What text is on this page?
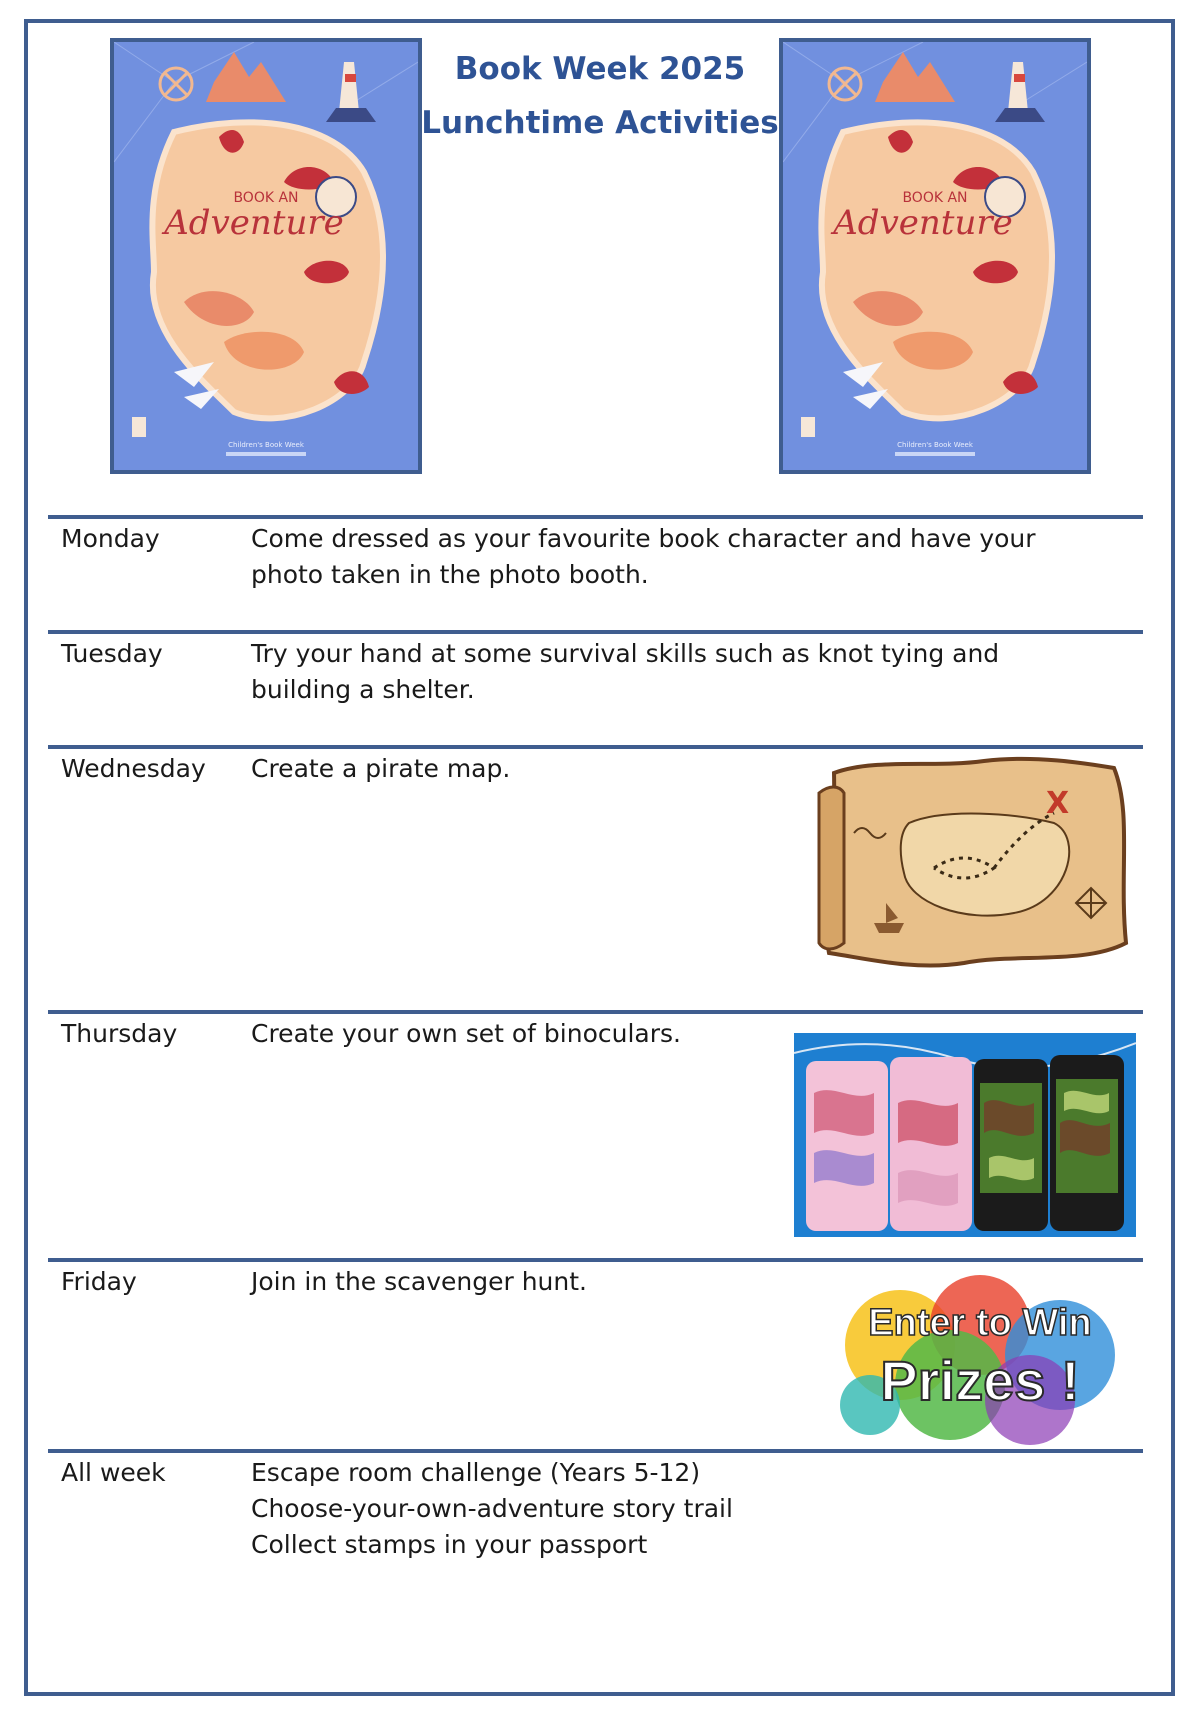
BOOK AN
Adventure
Children's Book Week
Book Week 2025
Lunchtime Activities
BOOK AN
Adventure
Children's Book Week
Monday	Come dressed as your favourite book character and have your photo taken in the photo booth.
Tuesday	Try your hand at some survival skills such as knot tying and building a shelter.
Wednesday Create a pirate map.
X
Thursday	Create your own set of binoculars.
Friday	Join in the scavenger hunt.
Enter to Win
Prizes !
All week	Escape room challenge (Years 5-12)
Choose-your-own-adventure story trail
Collect stamps in your passport
